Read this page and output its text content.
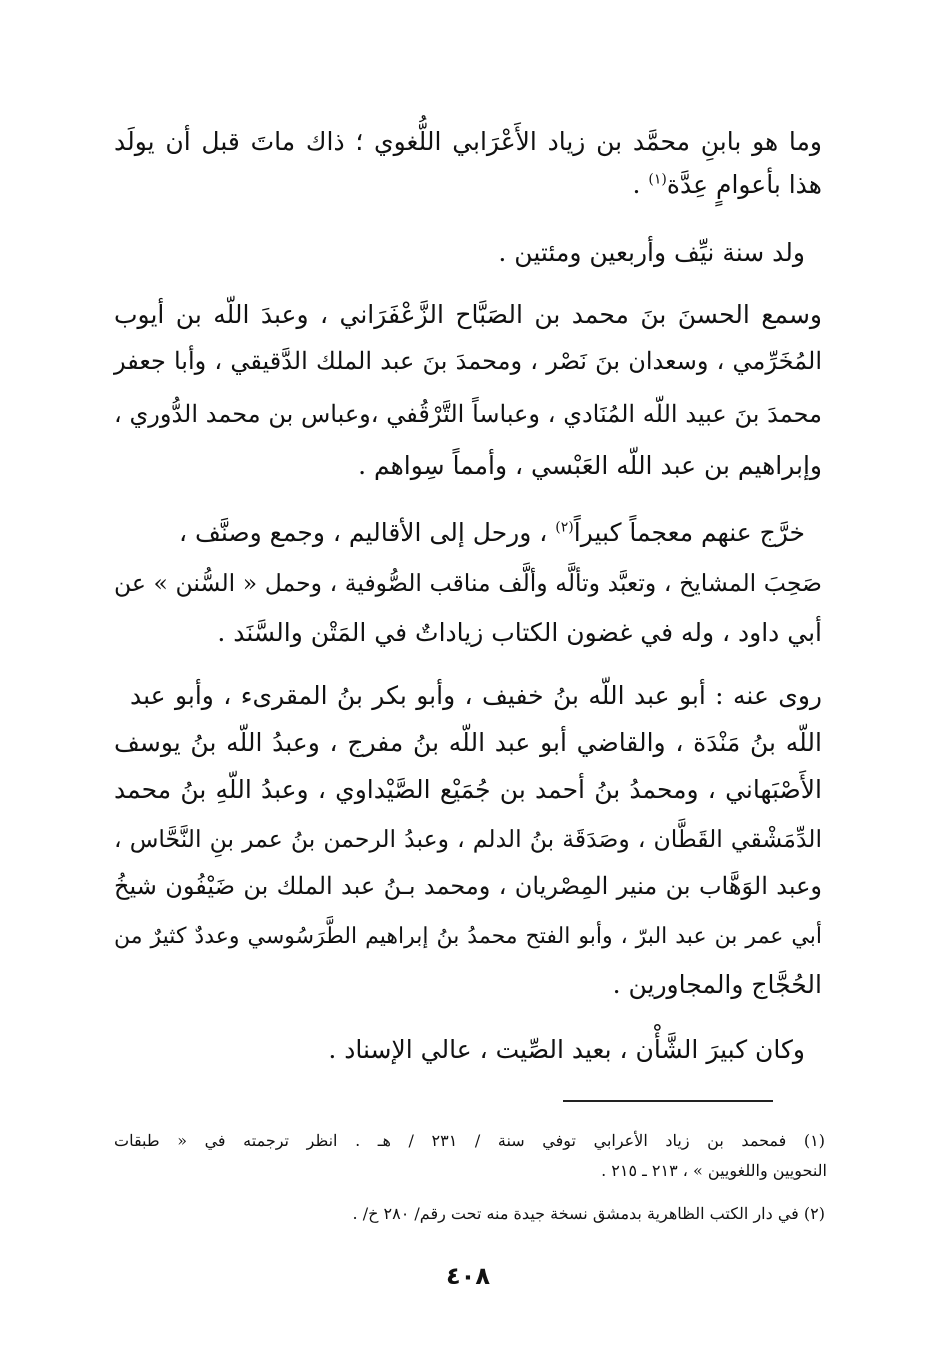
وما هو بابنِ محمَّد بن زياد الأَعْرَابي اللُّغوي ؛ ذاك ماتَ قبل أن يولَد
هذا بأعوامٍ عِدَّة$^{(١)}$ .
ولد سنة نيِّف وأربعين ومئتين .
وسمع الحسنَ بنَ محمد بن الصَبَّاح الزَّعْفَرَاني ، وعبدَ اللّه بن أيوب
المُخَرِّمي ، وسعدان بنَ نَصْر ، ومحمدَ بنَ عبد الملك الدَّقيقي ، وأبا جعفر
محمدَ بنَ عبيد اللّه المُنَادي ، وعباساً التَّرْقُفي ،وعباس بن محمد الدُّوري ،
وإبراهيم بن عبد اللّه العَبْسي ، وأمماً سِواهم .
خرَّج عنهم معجماً كبيراً$^{(٢)}$ ، ورحل إلى الأقاليم ، وجمع وصنَّف ،
صَحِبَ المشايخ ، وتعبَّد وتألَّه وألَّف مناقب الصُّوفية ، وحمل « السُّنن » عن
أبي داود ، وله في غضون الكتاب زياداتٌ في المَتْن والسَّنَد .
روى عنه : أبو عبد اللّه بنُ خفيف ، وأبو بكر بنُ المقرىء ، وأبو عبد
اللّه بنُ مَنْدَة ، والقاضي أبو عبد اللّه بنُ مفرج ، وعبدُ اللّه بنُ يوسف
الأَصْبَهاني ، ومحمدُ بنُ أحمد بن جُمَيْع الصَّيْداوي ، وعبدُ اللّهِ بنُ محمد
الدِّمَشْقي القَطَّان ، وصَدَقَة بنُ الدلم ، وعبدُ الرحمن بنُ عمر بنِ النَّحَّاس ،
وعبد الوَهَّاب بن منير المِصْريان ، ومحمد بـنُ عبد الملك بن ضَيْفُون شيخُ
أبي عمر بن عبد البرّ ، وأبو الفتح محمدُ بنُ إبراهيم الطَّرَسُوسي وعددٌ كثيرٌ من
الحُجَّاج والمجاورين .
وكان كبيرَ الشَّأْن ، بعيد الصِّيت ، عالي الإسناد .
(١) فمحمد بن زياد الأعرابي توفي سنة / ٢٣١ / هـ . انظر ترجمته في « طبقات
النحويين واللغويين » ، ٢١٣ ـ ٢١٥ .
(٢) في دار الكتب الظاهرية بدمشق نسخة جيدة منه تحت رقم/ ٢٨٠ خ/ .
٤٠٨
